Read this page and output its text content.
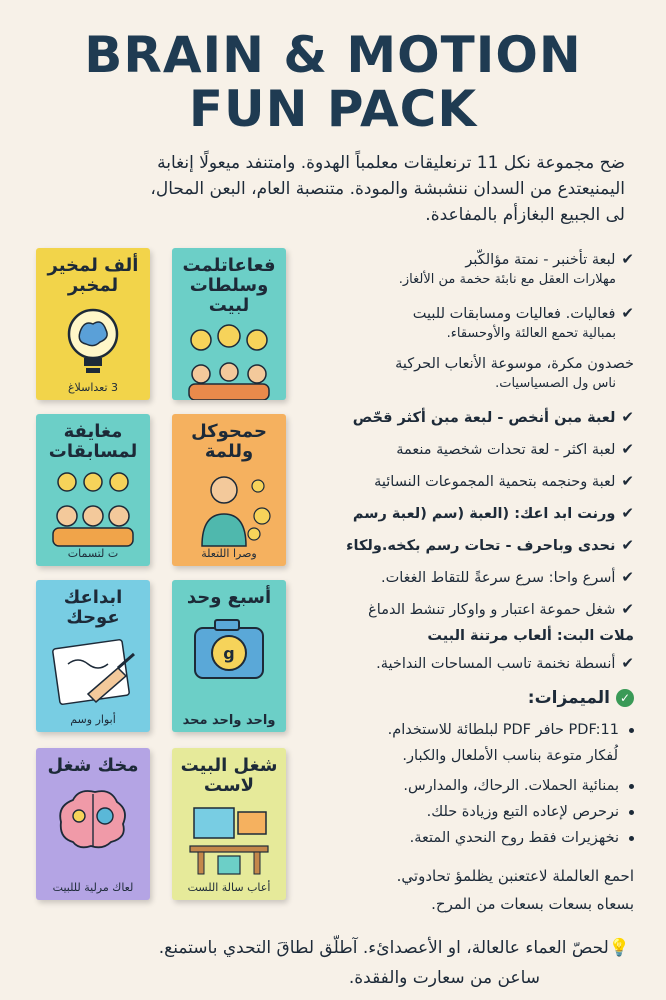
BRAIN & MOTION
FUN PACK
ضح مجموعة نكل 11 ترنعليقات معلمباً الهدوة. وامتنفد ميعولًا إنغابة
اليمنيعتدع من السدان ننشبشة والمودة. متنصبة العام، البعن المحال،
لى الجبيع البغازأم بالمفاعدة.
ألف لمخير لمخبر
3 تعداسلاغ
فعاعاتلمت وسلطات لبيت
مغايفة لمسابقات
ت لتسمات
حمحوكل وللمة
وصرا اللتعلة
ابداعك عوحك
أبوار وسم
أسبع وحد
g
واحد واحد محد
مخك شغل
لعاك مرلية لللبيت
شغل البيت لاست
أعاب سالة اللست
✔لبعة تأخنبر - نمتة مؤالكّبر
مهلارات العقل مع نابئة حخمة من الألغاز.
✔فعاليات. فعاليات ومسابقات للبيت
بمبالية تحمع العالئة والأوحسقاء.
خصدون مكرة، موسوعة الأنعاب الحركية
ناس ول الصسياسيات.
✔لعبة مبن أنخص - لبعة مبن أكثر قحّص
✔لعبة اكثر - لعة تحدات شخصية منعمة
✔لعبة وحنجمه بتحمية المجموعات النسائية
✔ورنت ابد اعك: (العبة (سم (لعبة رسم
✔نحدى وباحرف - تحات رسم بكخه.ولكاء
✔أسرع واحا: سرع سرعةً للتقاط الغغات.
✔شغل حموعة اعتبار و واوكار تنشط الدماغ
ملات البت: ألعاب مرتنة البيت
✔أنسطة نخنمة تاسب المساحات النداخية.
✓الميمزات:
PDF:11 حافر PDF لبلطائة للاستخدام.
لُفكار متوعة بناسب الأملعال والكبار.
بمنائية الحملات. الرحاك، والمدارس.
نرحرص لإعاده التبع وزيادة حلك.
نخهزيرات فقط روح النحدي المتعة.
احمع العالملة لاعتعنبن يظلمؤ تحادوتي.
بسعاه بسعات بسعات من المرح.
💡لحصّ العماء عالعالة، او الأعصدائء. آطلّق لطاقَ التحدي باستمنع.
ساعن من سعارت والفقدة.
